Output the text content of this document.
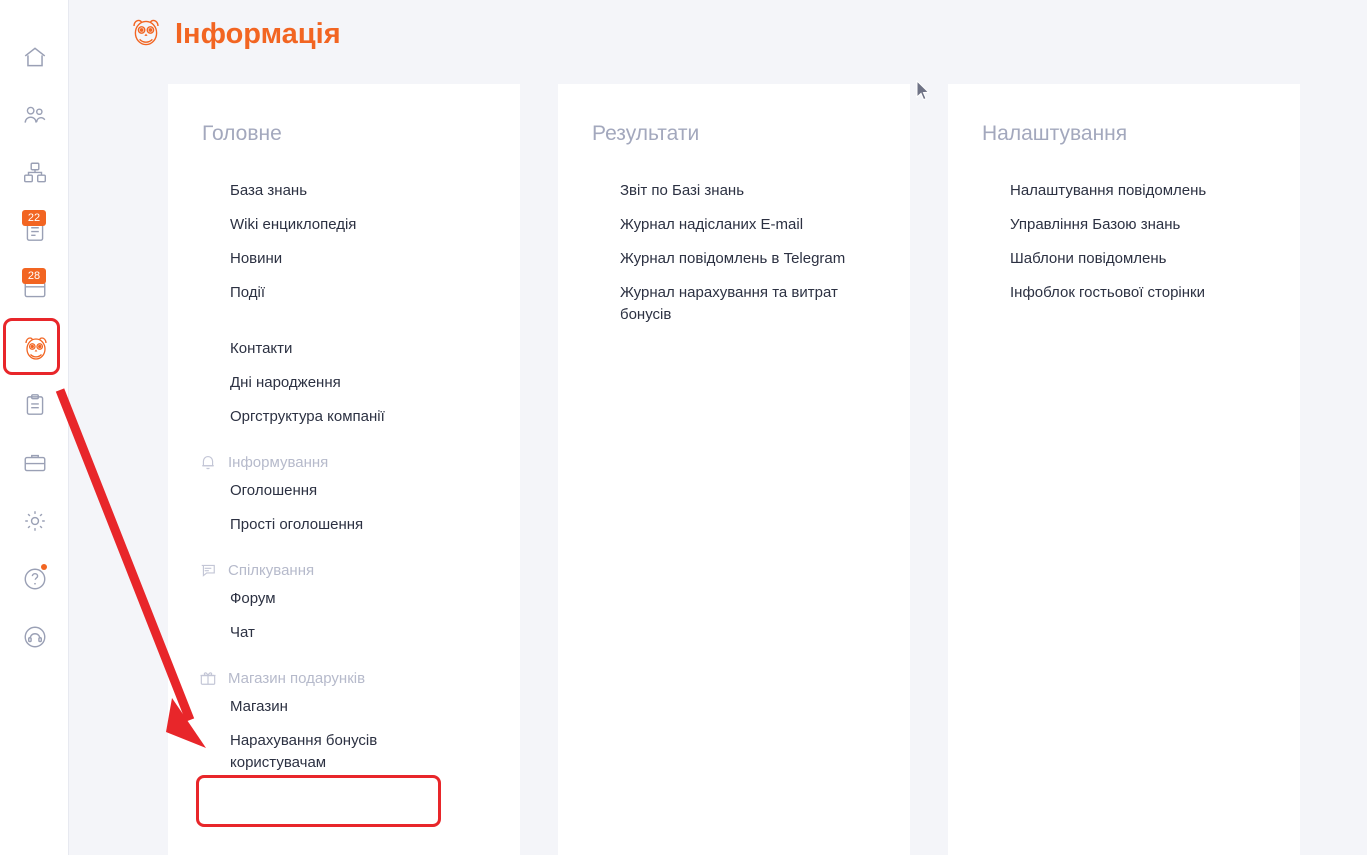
22
28
Інформація
Головне
База знань
Wiki енциклопедія
Новини
Події
Контакти
Дні народження
Оргструктура компанії
Інформування
Оголошення
Прості оголошення
Спілкування
Форум
Чат
Магазин подарунків
Магазин
Нарахування бонусів користувачам
Результати
Звіт по Базі знань
Журнал надісланих E-mail
Журнал повідомлень в Telegram
Журнал нарахування та витрат бонусів
Налаштування
Налаштування повідомлень
Управління Базою знань
Шаблони повідомлень
Інфоблок гостьової сторінки
